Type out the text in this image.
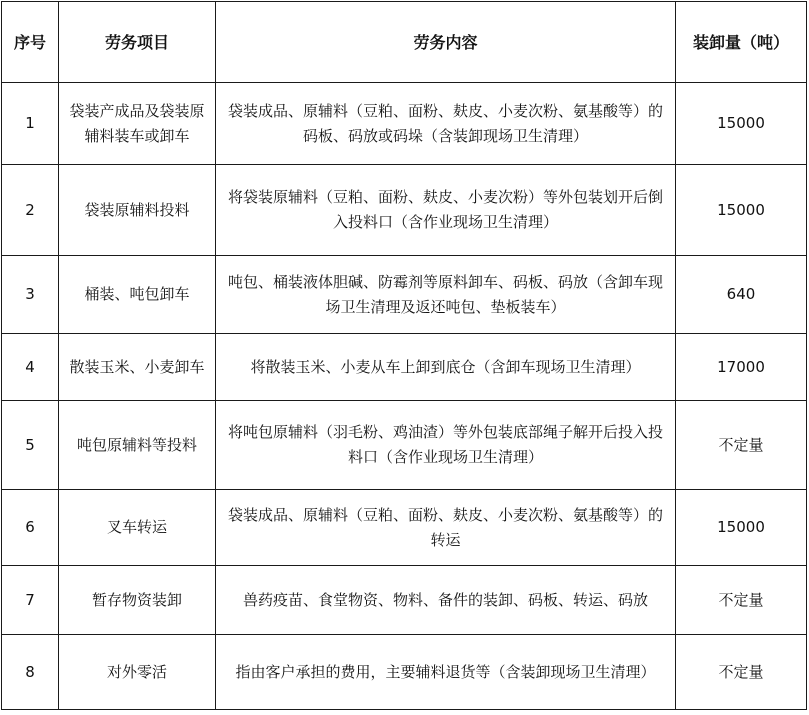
序号	劳务项目	劳务内容	装卸量（吨）
1	袋装产成品及袋装原辅料装车或卸车	袋装成品、原辅料（豆粕、面粉、麸皮、小麦次粉、氨基酸等）的码板、码放或码垛（含装卸现场卫生清理）	15000
2	袋装原辅料投料	将袋装原辅料（豆粕、面粉、麸皮、小麦次粉）等外包装划开后倒入投料口（含作业现场卫生清理）	15000
3	桶装、吨包卸车	吨包、桶装液体胆碱、防霉剂等原料卸车、码板、码放（含卸车现场卫生清理及返还吨包、垫板装车）	640
4	散装玉米、小麦卸车	将散装玉米、小麦从车上卸到底仓（含卸车现场卫生清理）	17000
5	吨包原辅料等投料	将吨包原辅料（羽毛粉、鸡油渣）等外包装底部绳子解开后投入投料口（含作业现场卫生清理）	不定量
6	叉车转运	袋装成品、原辅料（豆粕、面粉、麸皮、小麦次粉、氨基酸等）的转运	15000
7	暂存物资装卸	兽药疫苗、食堂物资、物料、备件的装卸、码板、转运、码放	不定量
8	对外零活	指由客户承担的费用，主要辅料退货等（含装卸现场卫生清理）	不定量
